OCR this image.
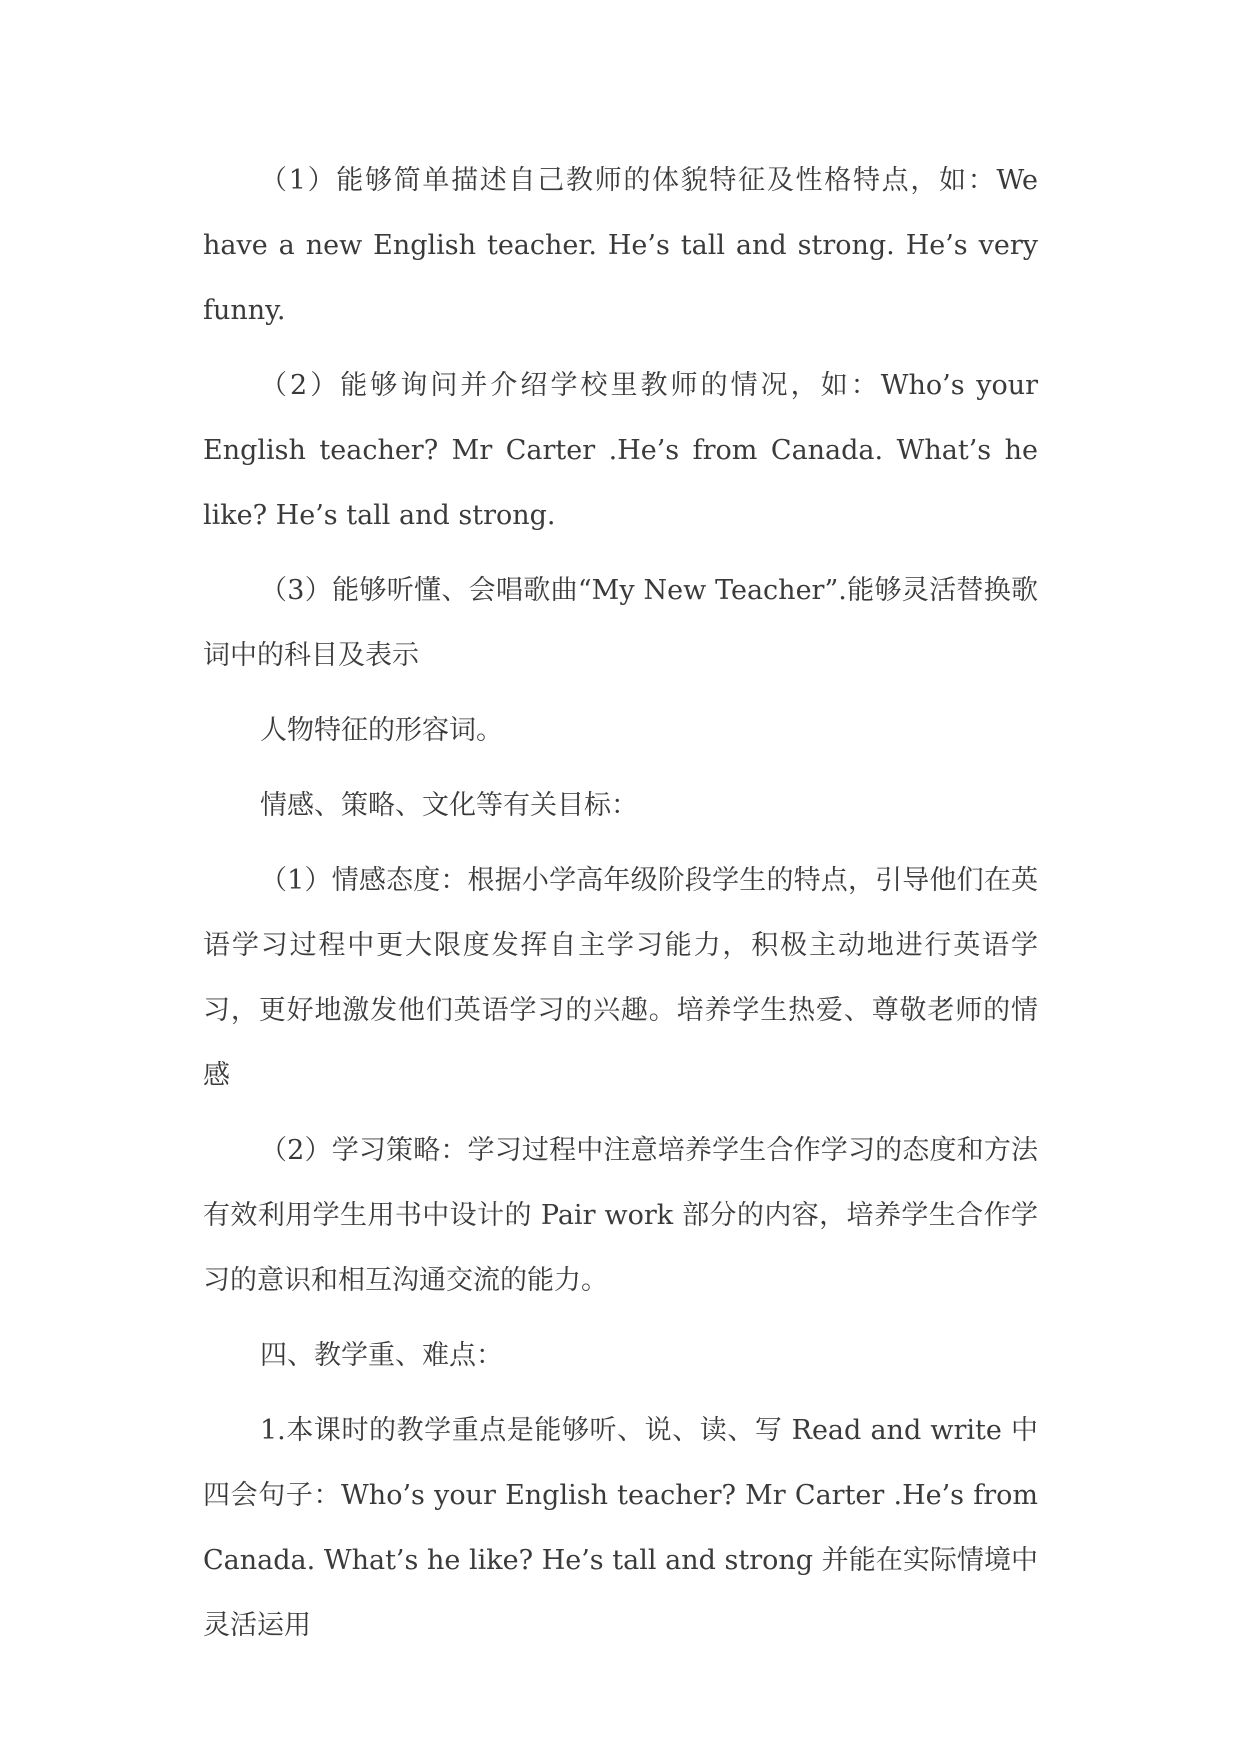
（1）能够简单描述自己教师的体貌特征及性格特点，如：We have a new English teacher. He’s tall and strong. He’s very funny.

（2）能够询问并介绍学校里教师的情况，如：Who’s your English teacher? Mr Carter .He’s from Canada. What’s he like? He’s tall and strong.

（3）能够听懂、会唱歌曲“My New Teacher”.能够灵活替换歌词中的科目及表示

人物特征的形容词。

情感、策略、文化等有关目标：

（1）情感态度：根据小学高年级阶段学生的特点，引导他们在英语学习过程中更大限度发挥自主学习能力，积极主动地进行英语学习，更好地激发他们英语学习的兴趣。培养学生热爱、尊敬老师的情感

（2）学习策略：学习过程中注意培养学生合作学习的态度和方法有效利用学生用书中设计的 Pair work 部分的内容，培养学生合作学习的意识和相互沟通交流的能力。

四、教学重、难点：

1.本课时的教学重点是能够听、说、读、写 Read and write 中四会句子：Who’s your English teacher? Mr Carter .He’s from Canada. What’s he like? He’s tall and strong 并能在实际情境中灵活运用
